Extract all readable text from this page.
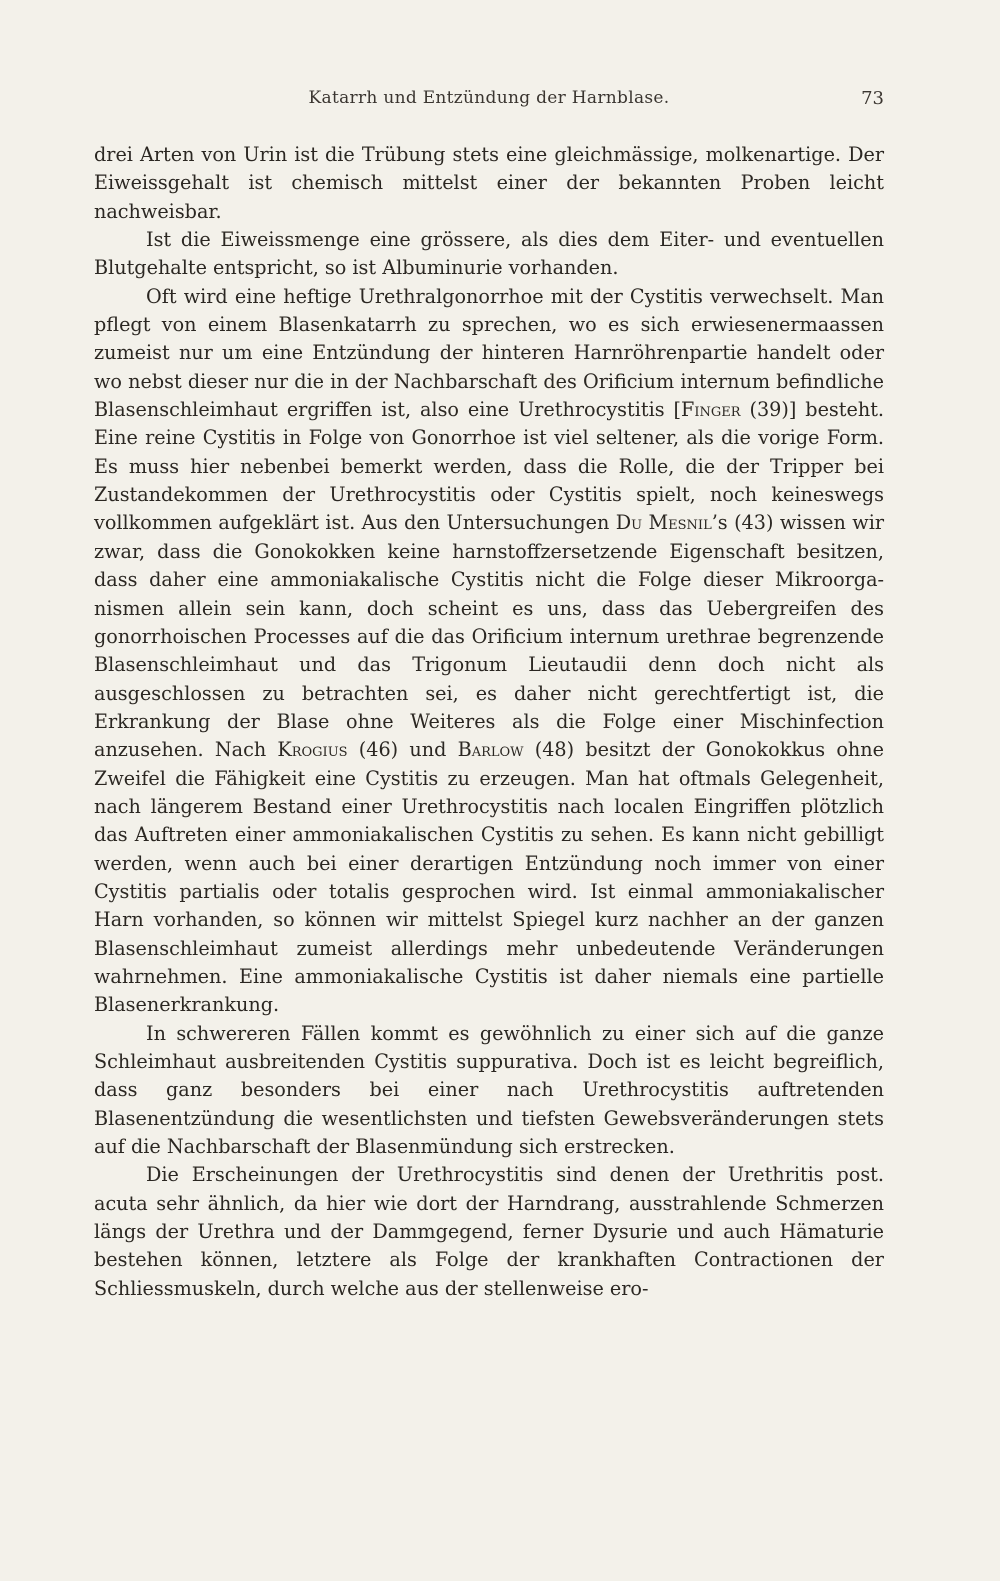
Katarrh und Entzündung der Harnblase.	73

drei Arten von Urin ist die Trübung stets eine gleichmässige, molkenartige. Der Eiweissgehalt ist chemisch mittelst einer der bekannten Proben leicht nachweisbar.

Ist die Eiweissmenge eine grössere, als dies dem Eiter- und eventuellen Blutgehalte entspricht, so ist Albuminurie vorhanden.

Oft wird eine heftige Urethralgonorrhoe mit der Cystitis verwechselt. Man pflegt von einem Blasenkatarrh zu sprechen, wo es sich erwiesenermaassen zumeist nur um eine Entzündung der hinteren Harnröhrenpartie handelt oder wo nebst dieser nur die in der Nachbarschaft des Orificium internum befindliche Blasenschleimhaut ergriffen ist, also eine Urethrocystitis [Finger (39)] besteht. Eine reine Cystitis in Folge von Gonorrhoe ist viel seltener, als die vorige Form. Es muss hier nebenbei bemerkt werden, dass die Rolle, die der Tripper bei Zustandekommen der Urethrocystitis oder Cystitis spielt, noch keineswegs vollkommen aufgeklärt ist. Aus den Untersuchungen Du Mesnil’s (43) wissen wir zwar, dass die Gonokokken keine harnstoffzersetzende Eigenschaft besitzen, dass daher eine ammoniakalische Cystitis nicht die Folge dieser Mikroorganismen allein sein kann, doch scheint es uns, dass das Uebergreifen des gonorrhoischen Processes auf die das Orificium internum urethrae begrenzende Blasenschleimhaut und das Trigonum Lieutaudii denn doch nicht als ausgeschlossen zu betrachten sei, es daher nicht gerechtfertigt ist, die Erkrankung der Blase ohne Weiteres als die Folge einer Mischinfection anzusehen. Nach Krogius (46) und Barlow (48) besitzt der Gonokokkus ohne Zweifel die Fähigkeit eine Cystitis zu erzeugen. Man hat oftmals Gelegenheit, nach längerem Bestand einer Urethrocystitis nach localen Eingriffen plötzlich das Auftreten einer ammoniakalischen Cystitis zu sehen. Es kann nicht gebilligt werden, wenn auch bei einer derartigen Entzündung noch immer von einer Cystitis partialis oder totalis gesprochen wird. Ist einmal ammoniakalischer Harn vorhanden, so können wir mittelst Spiegel kurz nachher an der ganzen Blasenschleimhaut zumeist allerdings mehr unbedeutende Veränderungen wahrnehmen. Eine ammoniakalische Cystitis ist daher niemals eine partielle Blasenerkrankung.

In schwereren Fällen kommt es gewöhnlich zu einer sich auf die ganze Schleimhaut ausbreitenden Cystitis suppurativa. Doch ist es leicht begreiflich, dass ganz besonders bei einer nach Urethrocystitis auftretenden Blasenentzündung die wesentlichsten und tiefsten Gewebsveränderungen stets auf die Nachbarschaft der Blasenmündung sich erstrecken.

Die Erscheinungen der Urethrocystitis sind denen der Urethritis post. acuta sehr ähnlich, da hier wie dort der Harndrang, ausstrahlende Schmerzen längs der Urethra und der Dammgegend, ferner Dysurie und auch Hämaturie bestehen können, letztere als Folge der krankhaften Contractionen der Schliessmuskeln, durch welche aus der stellenweise ero-
